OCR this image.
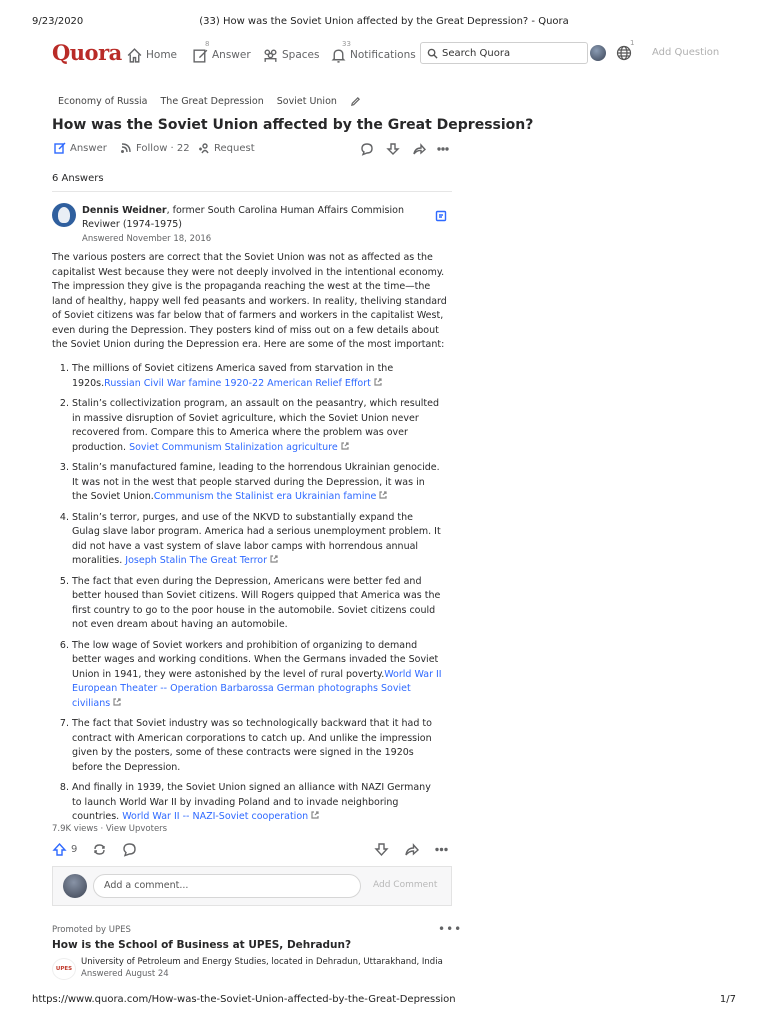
9/23/2020	(33) How was the Soviet Union affected by the Great Depression? - Quora
Quora Home
8
Answer	Spaces
33
Notifications	Search Quora
1
Add Question
Economy of Russia The Great Depression Soviet Union
How was the Soviet Union affected by the Great Depression?
Answer	Follow · 22 Request
6 Answers
Dennis Weidner, former South Carolina Human Affairs Commision Reviwer (1974-1975)
Answered November 18, 2016
The various posters are correct that the Soviet Union was not as affected as the capitalist West because they were not deeply involved in the intentional economy. The impression they give is the propaganda reaching the west at the time—the land of healthy, happy well fed peasants and workers. In reality, theliving standard of Soviet citizens was far below that of farmers and workers in the capitalist West, even during the Depression. They posters kind of miss out on a few details about the Soviet Union during the Depression era. Here are some of the most important:
1. The millions of Soviet citizens America saved from starvation in the 1920s.Russian Civil War famine 1920-22 American Relief Effort
2. Stalin’s collectivization program, an assault on the peasantry, which resulted in massive disruption of Soviet agriculture, which the Soviet Union never recovered from. Compare this to America where the problem was over production. Soviet Communism Stalinization agriculture
3. Stalin’s manufactured famine, leading to the horrendous Ukrainian genocide. It was not in the west that people starved during the Depression, it was in the Soviet Union.Communism the Stalinist era Ukrainian famine
4. Stalin’s terror, purges, and use of the NKVD to substantially expand the Gulag slave labor program. America had a serious unemployment problem. It did not have a vast system of slave labor camps with horrendous annual moralities. Joseph Stalin The Great Terror
5. The fact that even during the Depression, Americans were better fed and better housed than Soviet citizens. Will Rogers quipped that America was the first country to go to the poor house in the automobile. Soviet citizens could not even dream about having an automobile.
6. The low wage of Soviet workers and prohibition of organizing to demand better wages and working conditions. When the Germans invaded the Soviet Union in 1941, they were astonished by the level of rural poverty.World War II European Theater -- Operation Barbarossa German photographs Soviet civilians
7. The fact that Soviet industry was so technologically backward that it had to contract with American corporations to catch up. And unlike the impression given by the posters, some of these contracts were signed in the 1920s before the Depression.
8. And finally in 1939, the Soviet Union signed an alliance with NAZI Germany to launch World War II by invading Poland and to invade neighboring countries. World War II -- NAZI-Soviet cooperation
7.9K views · View Upvoters
9
Add a comment...	Add Comment
Promoted by UPES	•••
How is the School of Business at UPES, Dehradun?
UPES
University of Petroleum and Energy Studies, located in Dehradun, Uttarakhand, India
Answered August 24
https://www.quora.com/How-was-the-Soviet-Union-affected-by-the-Great-Depression	1/7
